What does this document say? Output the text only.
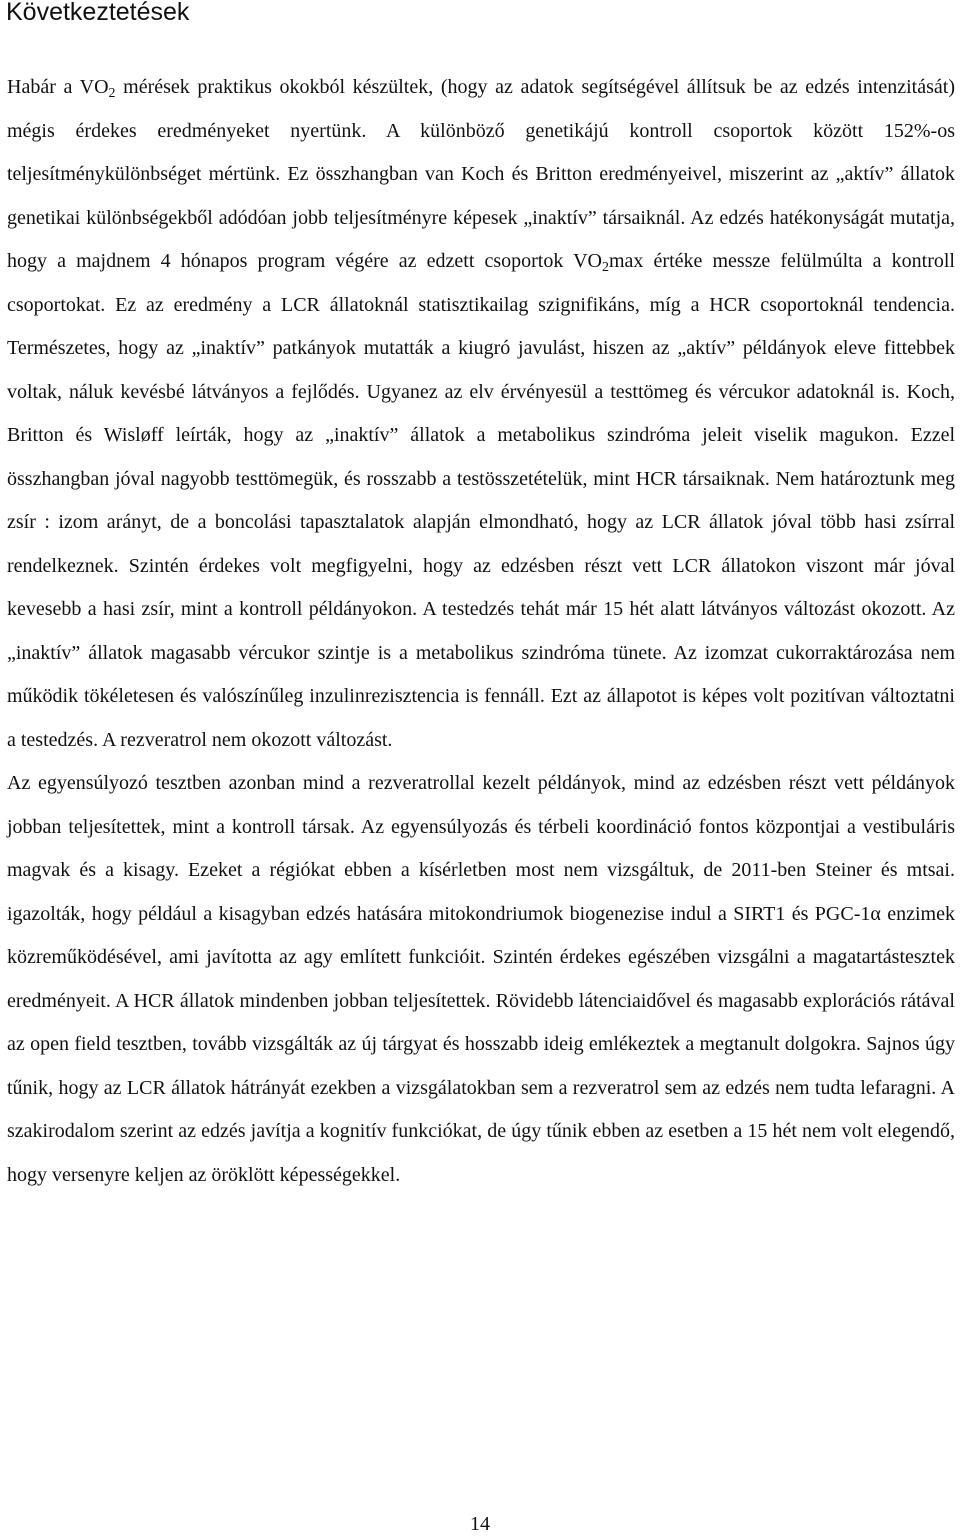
Következtetések

Habár a $VO_2$ mérések praktikus okokból készültek, (hogy az adatok segítségével állítsuk be az edzés intenzitását) mégis érdekes eredményeket nyertünk. A különböző genetikájú kontroll csoportok között 152%-os teljesítménykülönbséget mértünk. Ez összhangban van Koch és Britton eredményeivel, miszerint az „aktív” állatok genetikai különbségekből adódóan jobb teljesítményre képesek „inaktív” társaiknál. Az edzés hatékonyságát mutatja, hogy a majdnem 4 hónapos program végére az edzett csoportok $VO_2\max$ értéke messze felülmúlta a kontroll csoportokat. Ez az eredmény a LCR állatoknál statisztikailag szignifikáns, míg a HCR csoportoknál tendencia. Természetes, hogy az „inaktív” patkányok mutatták a kiugró javulást, hiszen az „aktív” példányok eleve fittebbek voltak, náluk kevésbé látványos a fejlődés. Ugyanez az elv érvényesül a testtömeg és vércukor adatoknál is. Koch, Britton és Wisløff leírták, hogy az „inaktív” állatok a metabolikus szindróma jeleit viselik magukon. Ezzel összhangban jóval nagyobb testtömegük, és rosszabb a testösszetételük, mint HCR társaiknak. Nem határoztunk meg zsír : izom arányt, de a boncolási tapasztalatok alapján elmondható, hogy az LCR állatok jóval több hasi zsírral rendelkeznek. Szintén érdekes volt megfigyelni, hogy az edzésben részt vett LCR állatokon viszont már jóval kevesebb a hasi zsír, mint a kontroll példányokon. A testedzés tehát már 15 hét alatt látványos változást okozott. Az „inaktív” állatok magasabb vércukor szintje is a metabolikus szindróma tünete. Az izomzat cukorraktározása nem működik tökéletesen és valószínűleg inzulinrezisztencia is fennáll. Ezt az állapotot is képes volt pozitívan változtatni a testedzés. A rezveratrol nem okozott változást.

Az egyensúlyozó tesztben azonban mind a rezveratrollal kezelt példányok, mind az edzésben részt vett példányok jobban teljesítettek, mint a kontroll társak. Az egyensúlyozás és térbeli koordináció fontos központjai a vestibuláris magvak és a kisagy. Ezeket a régiókat ebben a kísérletben most nem vizsgáltuk, de 2011-ben Steiner és mtsai. igazolták, hogy például a kisagyban edzés hatására mitokondriumok biogenezise indul a SIRT1 és PGC-1α enzimek közreműködésével, ami javította az agy említett funkcióit. Szintén érdekes egészében vizsgálni a magatartástesztek eredményeit. A HCR állatok mindenben jobban teljesítettek. Rövidebb látenciaidővel és magasabb explorációs rátával az open field tesztben, tovább vizsgálták az új tárgyat és hosszabb ideig emlékeztek a megtanult dolgokra. Sajnos úgy tűnik, hogy az LCR állatok hátrányát ezekben a vizsgálatokban sem a rezveratrol sem az edzés nem tudta lefaragni. A szakirodalom szerint az edzés javítja a kognitív funkciókat, de úgy tűnik ebben az esetben a 15 hét nem volt elegendő, hogy versenyre keljen az öröklött képességekkel.

14
